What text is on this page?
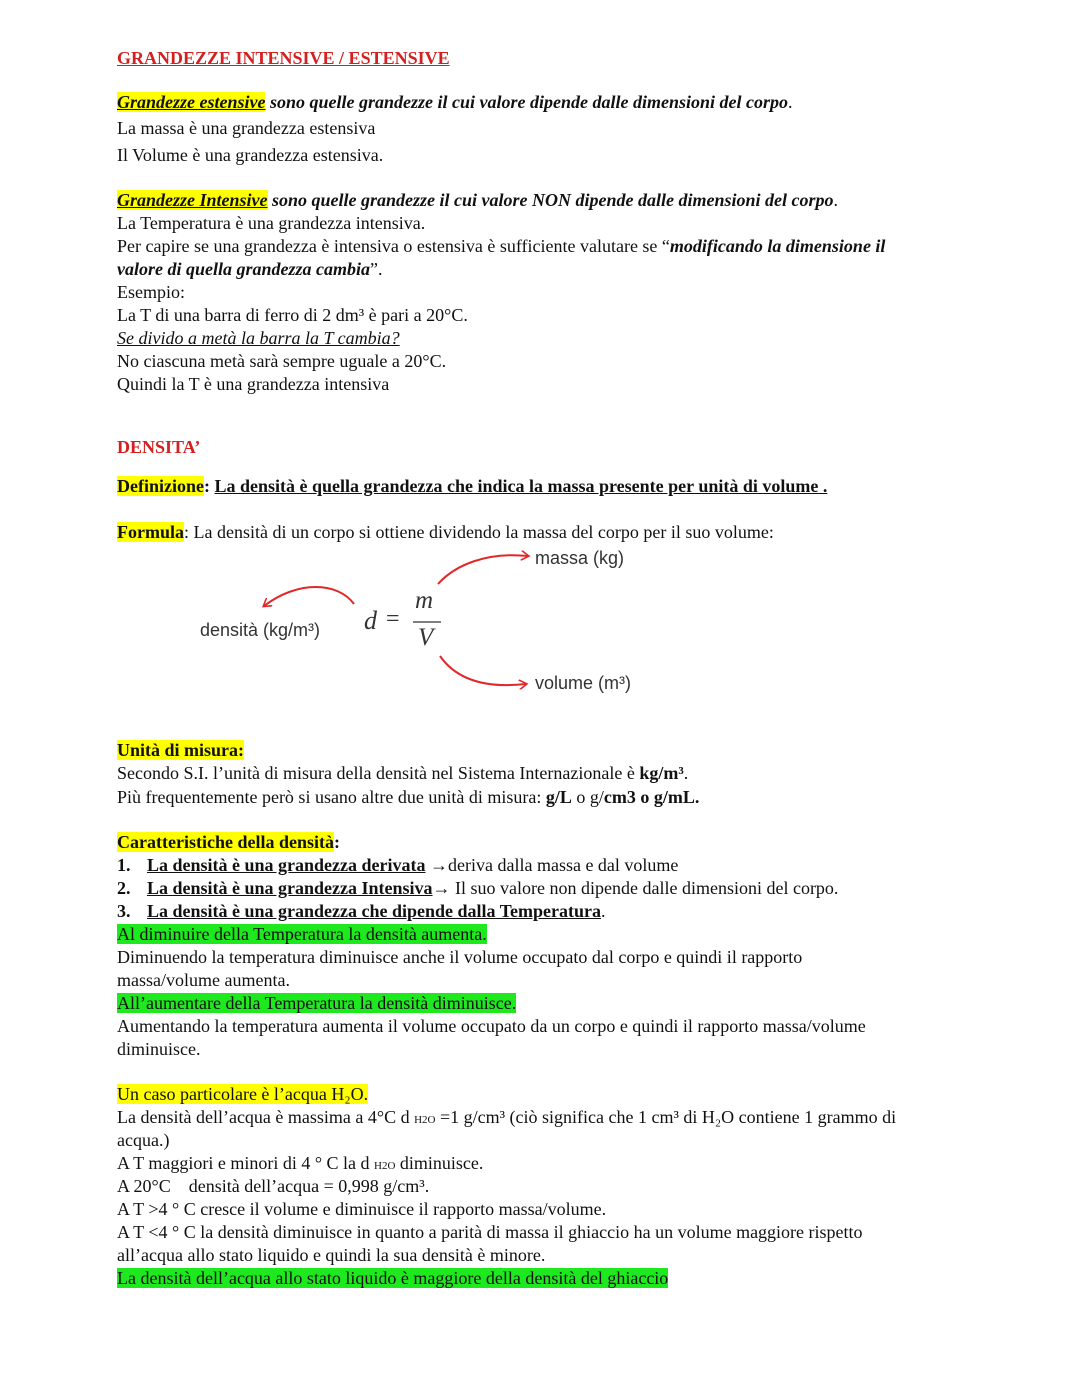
GRANDEZZE INTENSIVE / ESTENSIVE
Grandezze estensive sono quelle grandezze il cui valore dipende dalle dimensioni del corpo.
La massa è una grandezza estensiva
Il Volume è una grandezza estensiva.
Grandezze Intensive sono quelle grandezze il cui valore NON dipende dalle dimensioni del corpo.
La Temperatura è una grandezza intensiva.
Per capire se una grandezza è intensiva o estensiva è sufficiente valutare se “modificando la dimensione il
valore di quella grandezza cambia”.
Esempio:
La T di una barra di ferro di 2 dm³ è pari a 20°C.
Se divido a metà la barra la T cambia?
No ciascuna metà sarà sempre uguale a 20°C.
Quindi la T è una grandezza intensiva
DENSITA’
Definizione: La densità è quella grandezza che indica la massa presente per unità di volume .
Formula: La densità di un corpo si ottiene dividendo la massa del corpo per il suo volume:
d =
m
V
densità (kg/m³)
massa (kg)
volume (m³)
Unità di misura:
Secondo S.I. l’unità di misura della densità nel Sistema Internazionale è kg/m³.
Più frequentemente però si usano altre due unità di misura: g/L o g/cm3 o g/mL.
Caratteristiche della densità:
1. La densità è una grandezza derivata →deriva dalla massa e dal volume
2. La densità è una grandezza Intensiva→ Il suo valore non dipende dalle dimensioni del corpo.
3. La densità è una grandezza che dipende dalla Temperatura.
Al diminuire della Temperatura la densità aumenta.
Diminuendo la temperatura diminuisce anche il volume occupato dal corpo e quindi il rapporto
massa/volume aumenta.
All’aumentare della Temperatura la densità diminuisce.
Aumentando la temperatura aumenta il volume occupato da un corpo e quindi il rapporto massa/volume
diminuisce.
Un caso particolare è l’acqua H₂O.
La densità dell’acqua è massima a 4°C d H2O =1 g/cm³ (ciò significa che 1 cm³ di H₂O contiene 1 grammo di
acqua.)
A T maggiori e minori di 4 ° C la d H2O diminuisce.
A 20°C    densità dell’acqua = 0,998 g/cm³.
A T >4 ° C cresce il volume e diminuisce il rapporto massa/volume.
A T <4 ° C la densità diminuisce in quanto a parità di massa il ghiaccio ha un volume maggiore rispetto
all’acqua allo stato liquido e quindi la sua densità è minore.
La densità dell’acqua allo stato liquido è maggiore della densità del ghiaccio
